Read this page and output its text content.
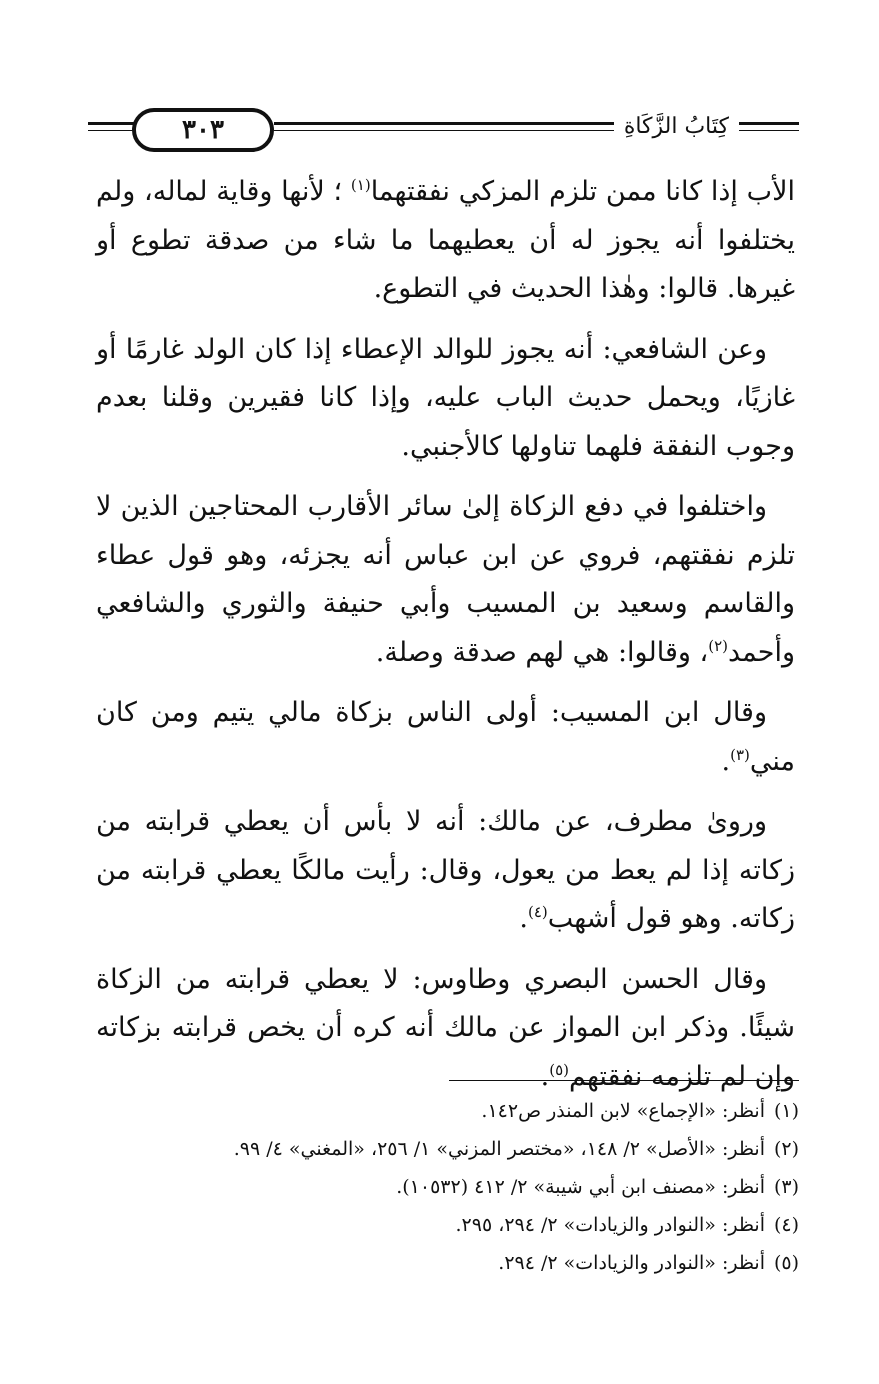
٣٠٣	كِتَابُ الزَّكَاةِ

الأب إذا كانا ممن تلزم المزكي نفقتهما$^{(١)}$ ؛ لأنها وقاية لماله، ولم يختلفوا أنه يجوز له أن يعطيهما ما شاء من صدقة تطوع أو غيرها. قالوا: وهٰذا الحديث في التطوع.

وعن الشافعي: أنه يجوز للوالد الإعطاء إذا كان الولد غارمًا أو غازيًا، ويحمل حديث الباب عليه، وإذا كانا فقيرين وقلنا بعدم وجوب النفقة فلهما تناولها كالأجنبي.

واختلفوا في دفع الزكاة إلىٰ سائر الأقارب المحتاجين الذين لا تلزم نفقتهم، فروي عن ابن عباس أنه يجزئه، وهو قول عطاء والقاسم وسعيد بن المسيب وأبي حنيفة والثوري والشافعي وأحمد$^{(٢)}$، وقالوا: هي لهم صدقة وصلة.

وقال ابن المسيب: أولى الناس بزكاة مالي يتيم ومن كان مني$^{(٣)}$.

وروىٰ مطرف، عن مالك: أنه لا بأس أن يعطي قرابته من زكاته إذا لم يعط من يعول، وقال: رأيت مالكًا يعطي قرابته من زكاته. وهو قول أشهب$^{(٤)}$.

وقال الحسن البصري وطاوس: لا يعطي قرابته من الزكاة شيئًا. وذكر ابن المواز عن مالك أنه كره أن يخص قرابته بزكاته وإن لم تلزمه نفقتهم$^{(٥)}$.

(١)أنظر: «الإجماع» لابن المنذر ص١٤٢.
(٢)أنظر: «الأصل» ٢/ ١٤٨، «مختصر المزني» ١/ ٢٥٦، «المغني» ٤/ ٩٩.
(٣)أنظر: «مصنف ابن أبي شيبة» ٢/ ٤١٢ (١٠٥٣٢).
(٤)أنظر: «النوادر والزيادات» ٢/ ٢٩٤، ٢٩٥.
(٥)أنظر: «النوادر والزيادات» ٢/ ٢٩٤.
